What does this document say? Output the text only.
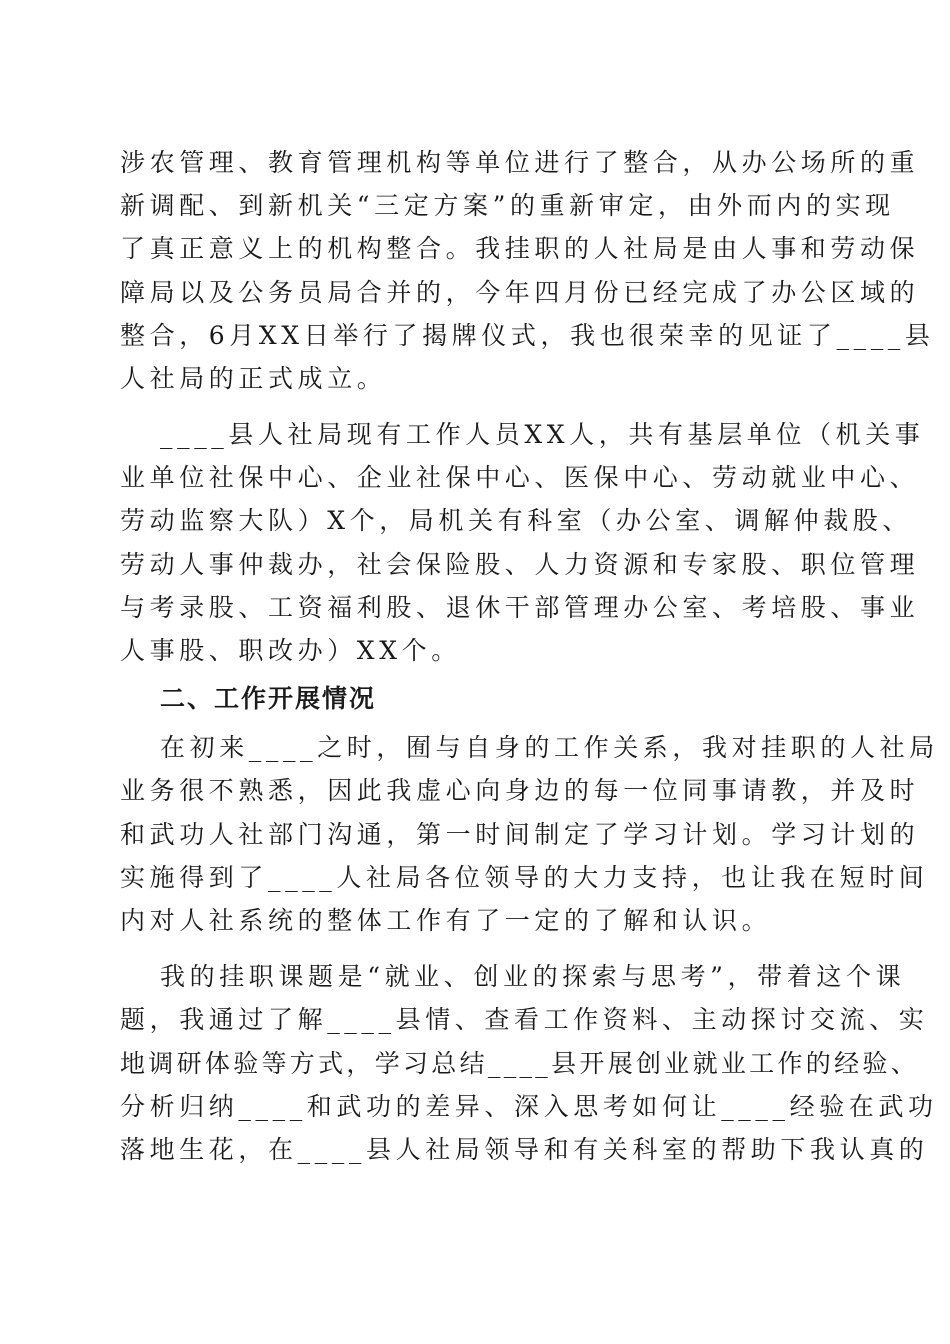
涉农管理、教育管理机构等单位进行了整合，从办公场所的重

新调配、到新机关“三定方案”的重新审定，由外而内的实现

了真正意义上的机构整合。我挂职的人社局是由人事和劳动保

障局以及公务员局合并的，今年四月份已经完成了办公区域的

整合，6月XX日举行了揭牌仪式，我也很荣幸的见证了____县

人社局的正式成立。

____县人社局现有工作人员XX人，共有基层单位（机关事

业单位社保中心、企业社保中心、医保中心、劳动就业中心、

劳动监察大队）X个，局机关有科室（办公室、调解仲裁股、

劳动人事仲裁办，社会保险股、人力资源和专家股、职位管理

与考录股、工资福利股、退休干部管理办公室、考培股、事业

人事股、职改办）XX个。

二、工作开展情况

在初来____之时，囿与自身的工作关系，我对挂职的人社局

业务很不熟悉，因此我虚心向身边的每一位同事请教，并及时

和武功人社部门沟通，第一时间制定了学习计划。学习计划的

实施得到了____人社局各位领导的大力支持，也让我在短时间

内对人社系统的整体工作有了一定的了解和认识。

我的挂职课题是“就业、创业的探索与思考”，带着这个课

题，我通过了解____县情、查看工作资料、主动探讨交流、实

地调研体验等方式，学习总结____县开展创业就业工作的经验、

分析归纳____和武功的差异、深入思考如何让____经验在武功

落地生花，在____县人社局领导和有关科室的帮助下我认真的
